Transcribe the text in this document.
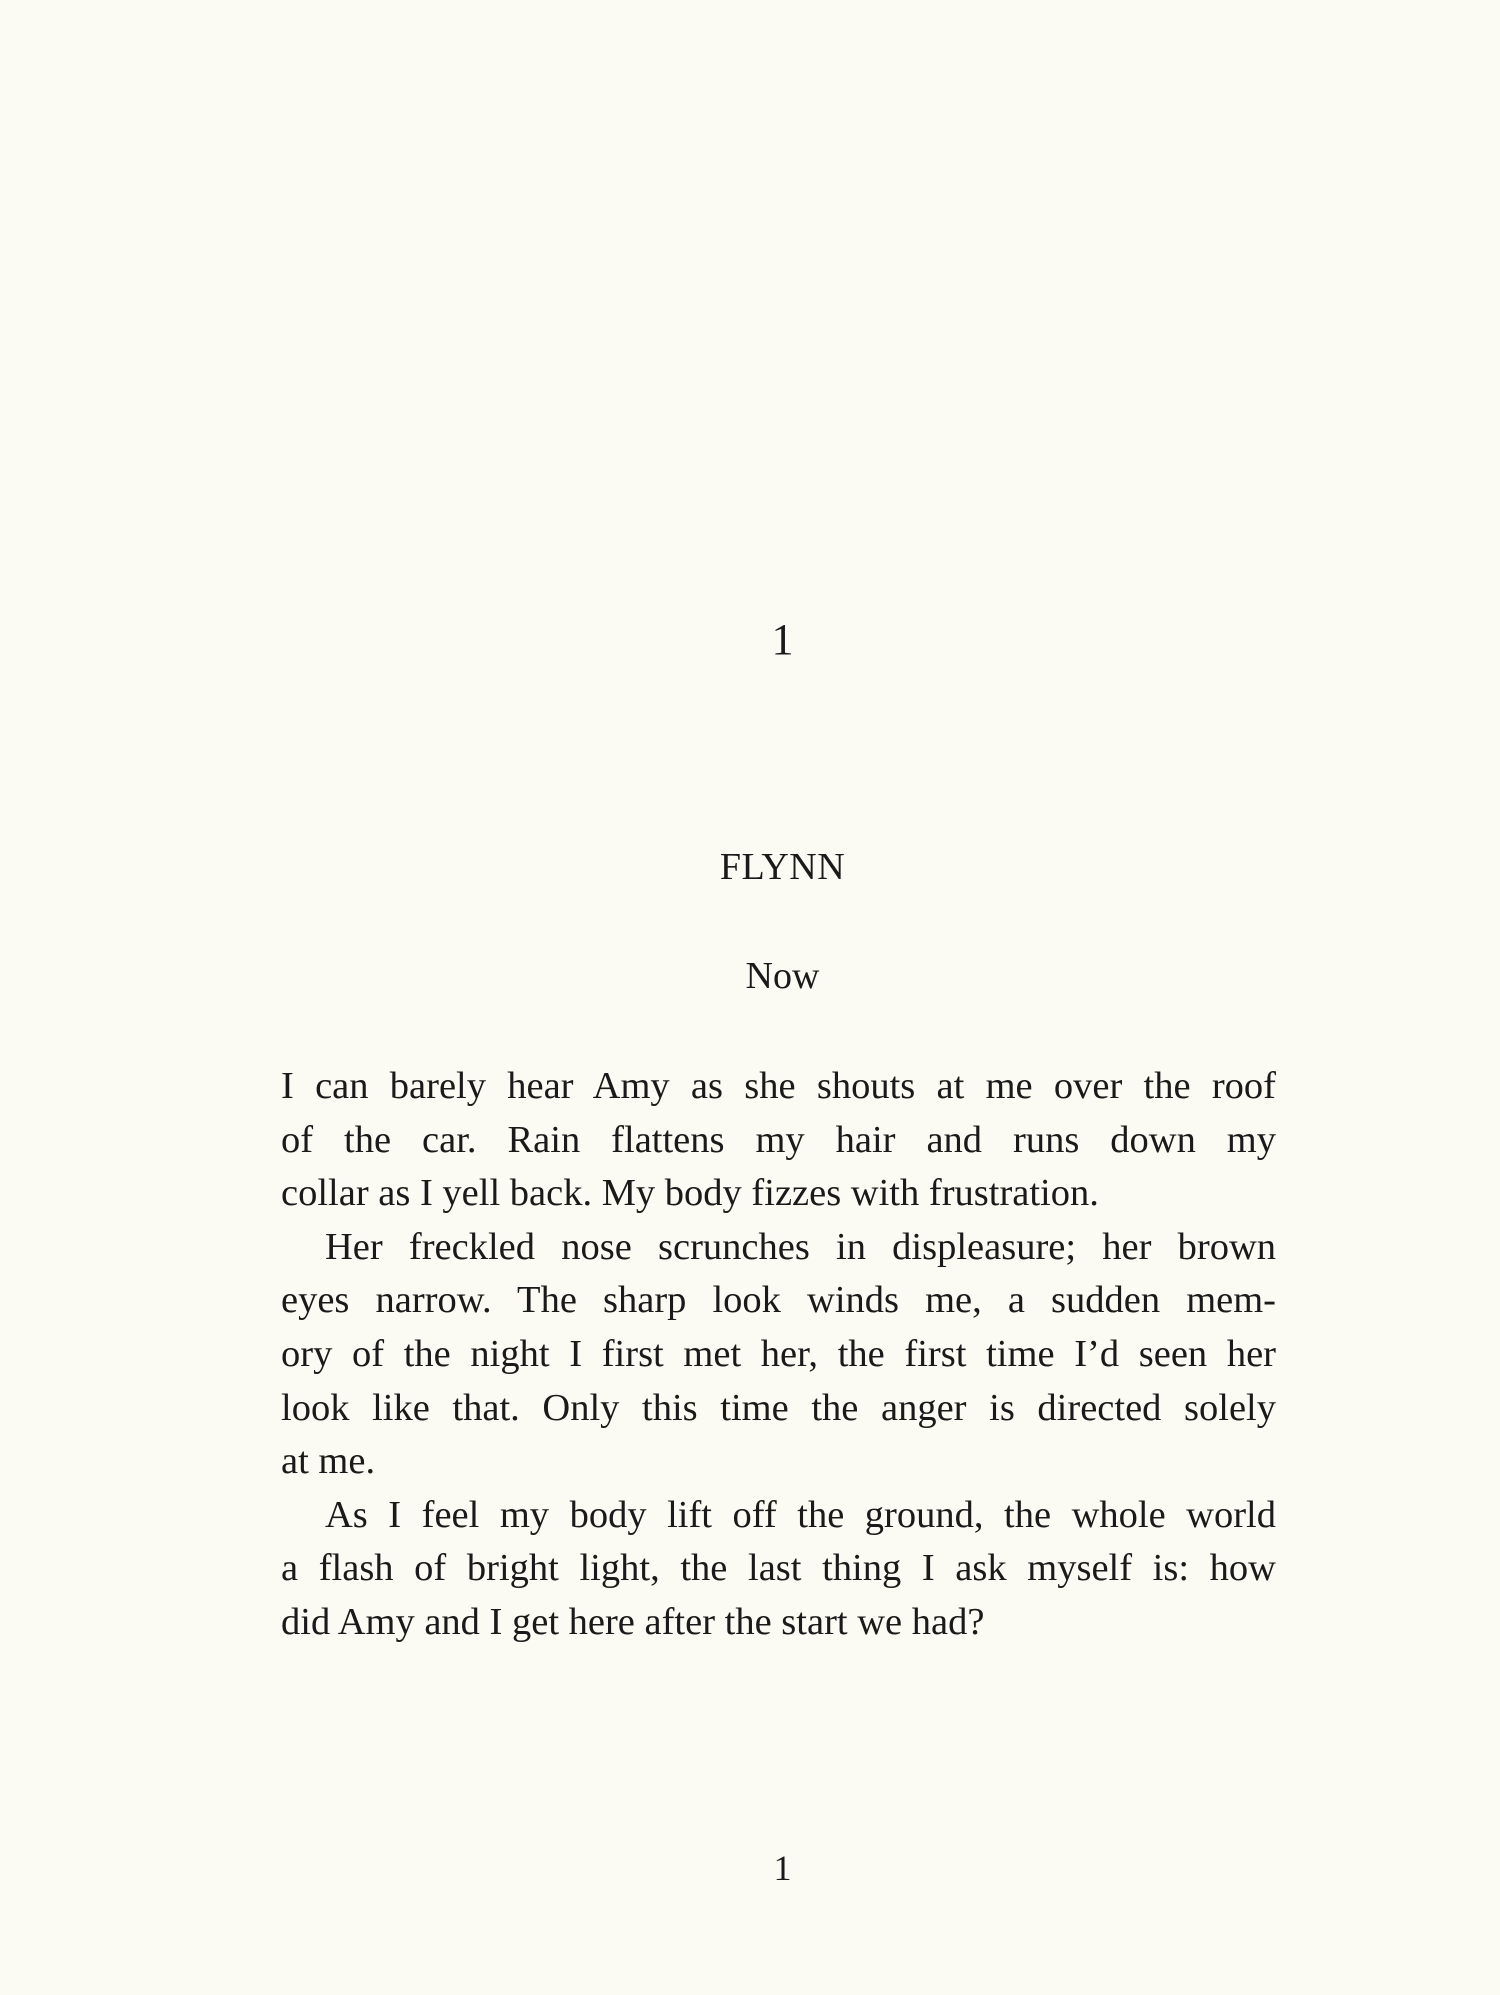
1
FLYNN
Now
I can barely hear Amy as she shouts at me over the roof
of the car. Rain flattens my hair and runs down my
collar as I yell back. My body fizzes with frustration.
Her freckled nose scrunches in displeasure; her brown
eyes narrow. The sharp look winds me, a sudden mem-
ory of the night I first met her, the first time I’d seen her
look like that. Only this time the anger is directed solely
at me.
As I feel my body lift off the ground, the whole world
a flash of bright light, the last thing I ask myself is: how
did Amy and I get here after the start we had?
1
